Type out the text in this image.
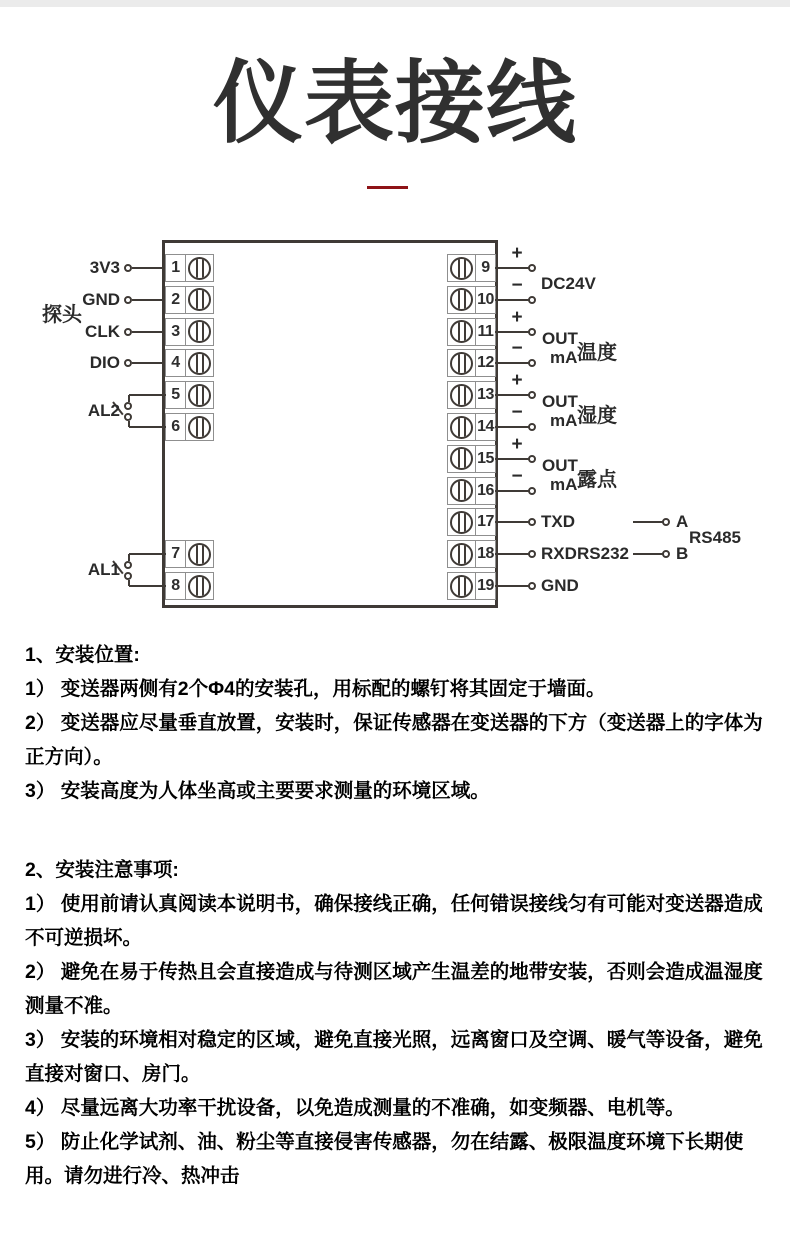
仪表接线
1
3V3
2
GND
3
CLK
4
DIO
5
6
7
8
探头
AL2
AL1
9
+
10
−
11
+
12
−
13
+
14
−
15
+
16
−
17	TXD
18	RXD RS232
19	GND
DC24V
OUT
mA 温度
OUT
mA 湿度
OUT
mA 露点
A
B
RS485

1、安装位置:

1） 变送器两侧有2个Φ4的安装孔，用标配的螺钉将其固定于墙面。

2） 变送器应尽量垂直放置，安装时，保证传感器在变送器的下方（变送器上的字体为正方向）。

3） 安装高度为人体坐高或主要要求测量的环境区域。

2、安装注意事项:

1） 使用前请认真阅读本说明书，确保接线正确，任何错误接线匀有可能对变送器造成不可逆损坏。

2） 避免在易于传热且会直接造成与待测区域产生温差的地带安装，否则会造成温湿度测量不准。

3） 安装的环境相对稳定的区域，避免直接光照，远离窗口及空调、暖气等设备，避免直接对窗口、房门。

4） 尽量远离大功率干扰设备，以免造成测量的不准确，如变频器、电机等。

5） 防止化学试剂、油、粉尘等直接侵害传感器，勿在结露、极限温度环境下长期使用。请勿进行冷、热冲击
